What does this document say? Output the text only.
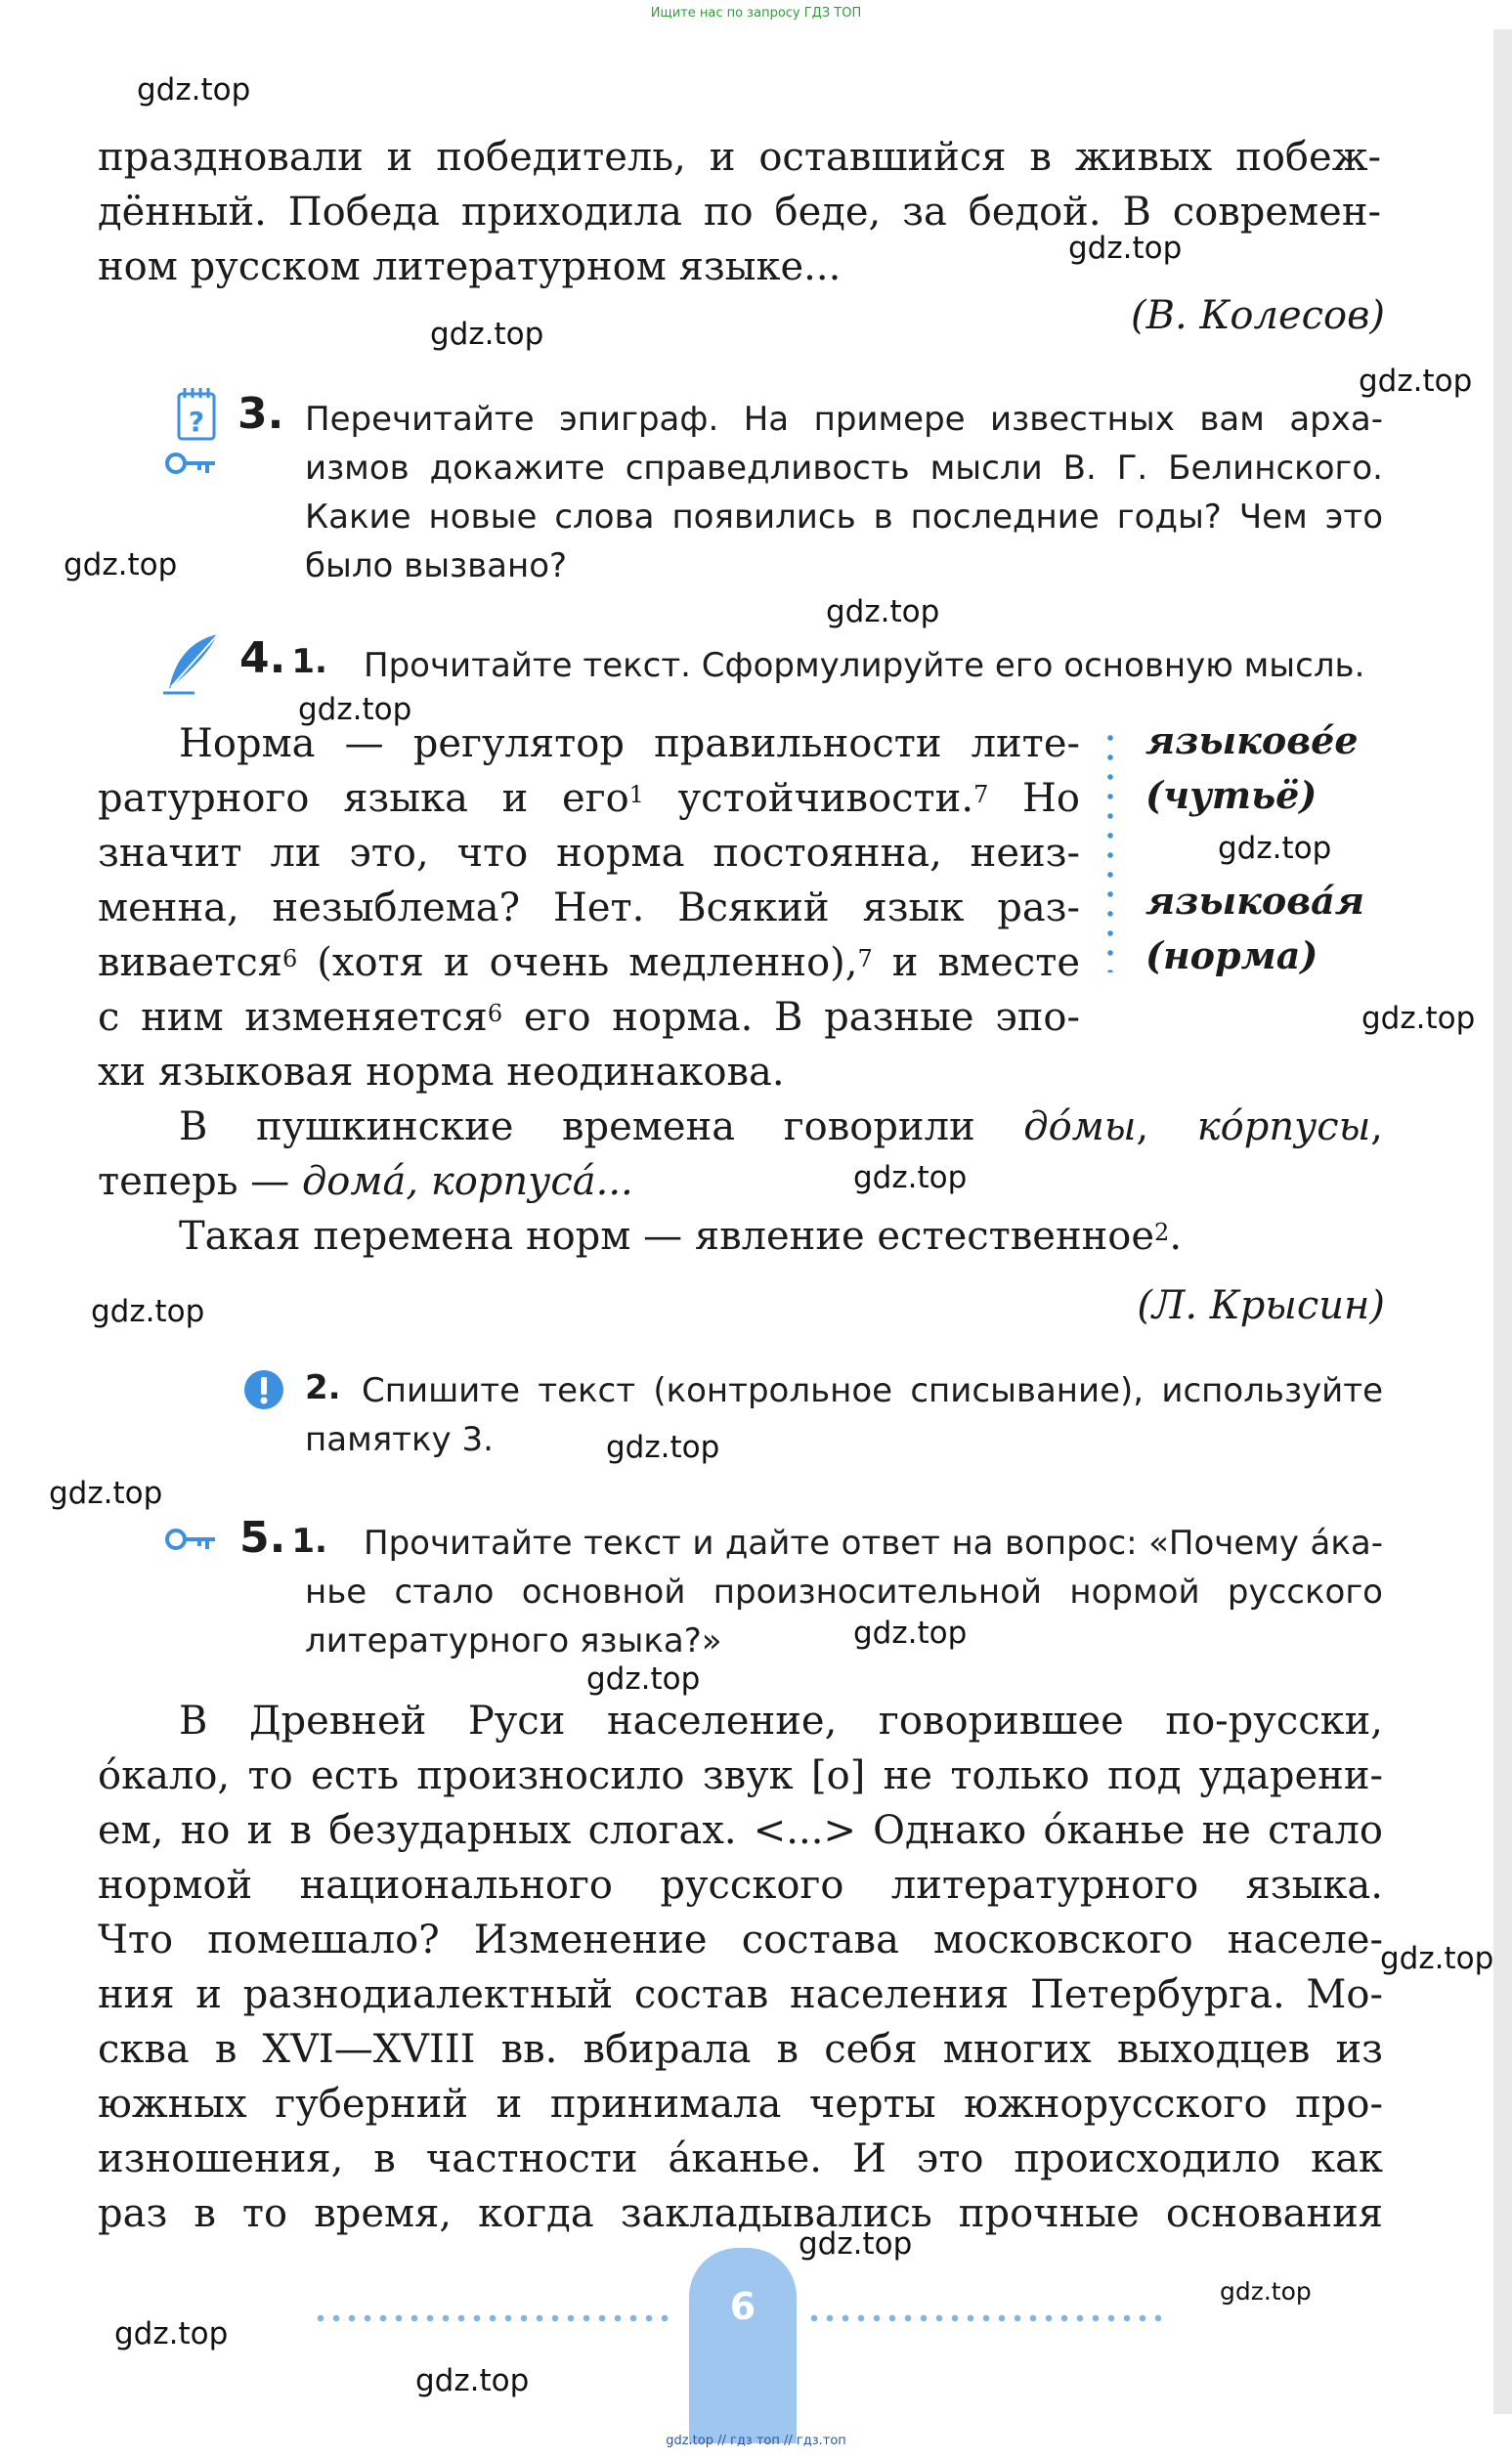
Ищите нас по запросу ГДЗ ТОП

праздновали и победитель, и оставшийся в живых побеж-

дённый. Победа приходила по беде, за бедой. В современ-

ном русском литературном языке...

(В. Колесов)
? 3. Перечитайте эпиграф. На примере известных вам арха-

измов докажите справедливость мысли В. Г. Белинского.

Какие новые слова появились в последние годы? Чем это

было вызвано?

4. 1. Прочитайте текст. Сформулируйте его основную мысль.

Норма — регулятор правильности лите-

ратурного языка и его$^1$ устойчивости.$^7$ Но

значит ли это, что норма постоянна, неиз-

менна, незыблема? Нет. Всякий язык раз-

вивается$^6$ (хотя и очень медленно),$^7$ и вместе

с ним изменяется$^6$ его норма. В разные эпо-

хи языковая норма неодинакова.

В пушкинские времена говорили до́мы, ко́рпусы,

теперь — дома́, корпуса́...

Такая перемена норм — явление естественное$^2$.

языкове́е
(чутьё)
языкова́я
(норма)
(Л. Крысин)
2. Спишите текст (контрольное списывание), используйте

памятку 3.

5. 1.	Прочитайте текст и дайте ответ на вопрос: «Почему а́ка-

нье стало основной произносительной нормой русского

литературного языка?»

В Древней Руси население, говорившее по-русски,

о́кало, то есть произносило звук [о] не только под ударени-

ем, но и в безударных слогах. <...> Однако о́канье не стало

нормой национального русского литературного языка.

Что помешало? Изменение состава московского населе-

ния и разнодиалектный состав населения Петербурга. Мо-

сква в XVI—XVIII вв. вбирала в себя многих выходцев из

южных губерний и принимала черты южнорусского про-

изношения, в частности а́канье. И это происходило как

раз в то время, когда закладывались прочные основания

6
gdz.top // гдз топ // гдз.топ
gdz.top
gdz.top
gdz.top
gdz.top
gdz.top
gdz.top
gdz.top
gdz.top
gdz.top
gdz.top
gdz.top
gdz.top
gdz.top
gdz.top
gdz.top
gdz.top
gdz.top
gdz.top
gdz.top
gdz.top
